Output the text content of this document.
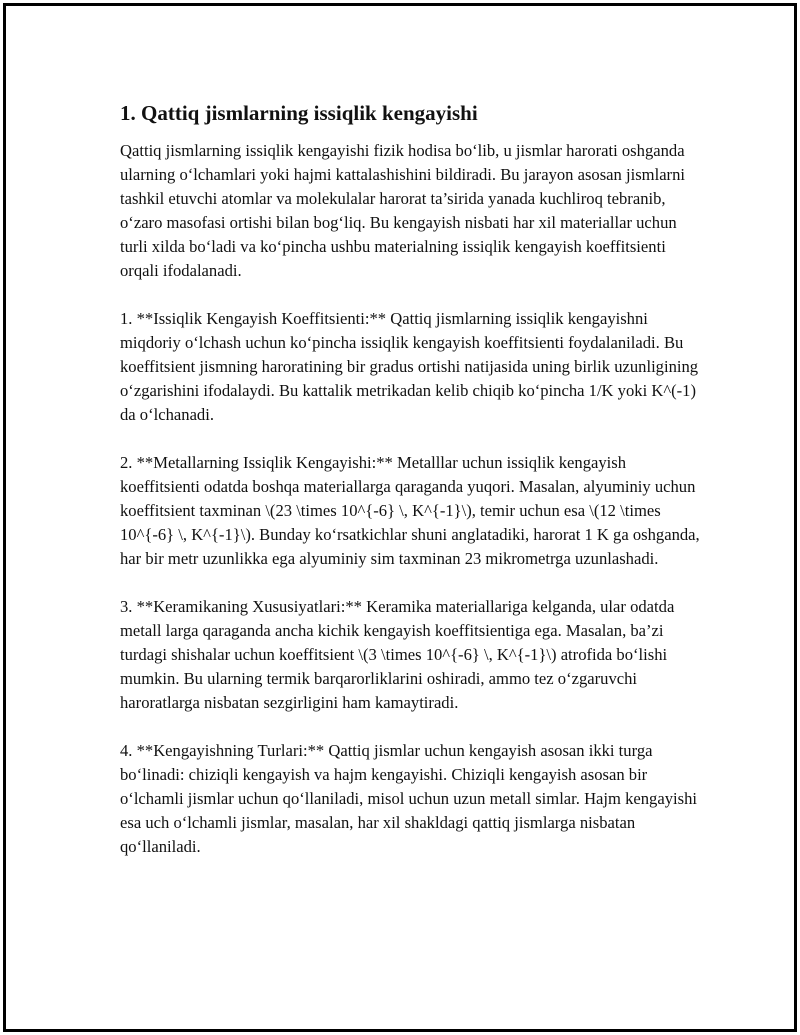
1. Qattiq jismlarning issiqlik kengayishi

Qattiq jismlarning issiqlik kengayishi fizik hodisa bo‘lib, u jismlar harorati oshganda ularning o‘lchamlari yoki hajmi kattalashishini bildiradi. Bu jarayon asosan jismlarni tashkil etuvchi atomlar va molekulalar harorat ta’sirida yanada kuchliroq tebranib, o‘zaro masofasi ortishi bilan bog‘liq. Bu kengayish nisbati har xil materiallar uchun turli xilda bo‘ladi va ko‘pincha ushbu materialning issiqlik kengayish koeffitsienti orqali ifodalanadi.

1. **Issiqlik Kengayish Koeffitsienti:** Qattiq jismlarning issiqlik kengayishni miqdoriy o‘lchash uchun ko‘pincha issiqlik kengayish koeffitsienti foydalaniladi. Bu koeffitsient jismning haroratining bir gradus ortishi natijasida uning birlik uzunligining o‘zgarishini ifodalaydi. Bu kattalik metrikadan kelib chiqib ko‘pincha 1/K yoki K^(-1) da o‘lchanadi.

2. **Metallarning Issiqlik Kengayishi:** Metalllar uchun issiqlik kengayish koeffitsienti odatda boshqa materiallarga qaraganda yuqori. Masalan, alyuminiy uchun koeffitsient taxminan \(23 \times 10^{-6} \, K^{-1}\), temir uchun esa \(12 \times 10^{-6} \, K^{-1}\). Bunday ko‘rsatkichlar shuni anglatadiki, harorat 1 K ga oshganda, har bir metr uzunlikka ega alyuminiy sim taxminan 23 mikrometrga uzunlashadi.

3. **Keramikaning Xususiyatlari:** Keramika materiallariga kelganda, ular odatda metall larga qaraganda ancha kichik kengayish koeffitsientiga ega. Masalan, ba’zi turdagi shishalar uchun koeffitsient \(3 \times 10^{-6} \, K^{-1}\) atrofida bo‘lishi mumkin. Bu ularning termik barqarorliklarini oshiradi, ammo tez o‘zgaruvchi haroratlarga nisbatan sezgirligini ham kamaytiradi.

4. **Kengayishning Turlari:** Qattiq jismlar uchun kengayish asosan ikki turga bo‘linadi: chiziqli kengayish va hajm kengayishi. Chiziqli kengayish asosan bir o‘lchamli jismlar uchun qo‘llaniladi, misol uchun uzun metall simlar. Hajm kengayishi esa uch o‘lchamli jismlar, masalan, har xil shakldagi qattiq jismlarga nisbatan qo‘llaniladi.
